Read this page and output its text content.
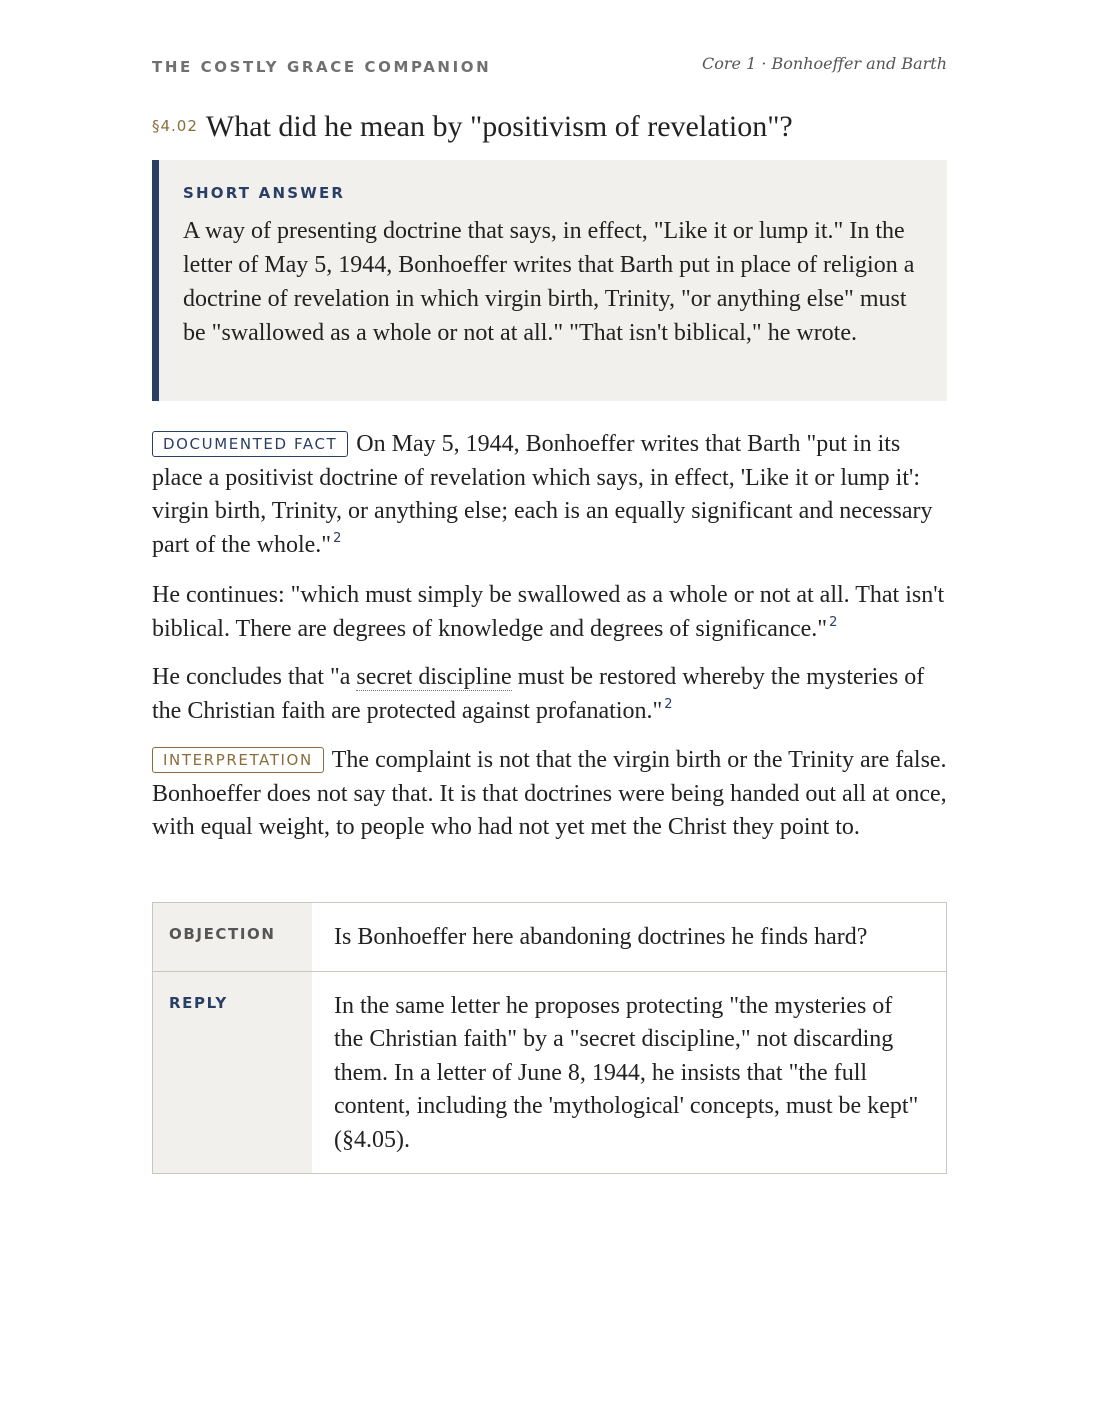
THE COSTLY GRACE COMPANION	Core 1 · Bonhoeffer and Barth
§4.02 What did he mean by "positivism of revelation"?
SHORT ANSWER
A way of presenting doctrine that says, in effect, "Like it or lump it." In the letter of May 5, 1944, Bonhoeffer writes that Barth put in place of religion a doctrine of revelation in which virgin birth, Trinity, "or anything else" must be "swallowed as a whole or not at all." "That isn't biblical," he wrote.
DOCUMENTED FACT On May 5, 1944, Bonhoeffer writes that Barth "put in its place a positivist doctrine of revelation which says, in effect, 'Like it or lump it': virgin birth, Trinity, or anything else; each is an equally significant and necessary part of the whole." $^2$
He continues: "which must simply be swallowed as a whole or not at all. That isn't biblical. There are degrees of knowledge and degrees of significance." $^2$
He concludes that "a secret discipline must be restored whereby the mysteries of the Christian faith are protected against profanation." $^2$
INTERPRETATION The complaint is not that the virgin birth or the Trinity are false. Bonhoeffer does not say that. It is that doctrines were being handed out all at once, with equal weight, to people who had not yet met the Christ they point to.
OBJECTION	Is Bonhoeffer here abandoning doctrines he finds hard?
REPLY	In the same letter he proposes protecting "the mysteries of the Christian faith" by a "secret discipline," not discarding them. In a letter of June 8, 1944, he insists that "the full content, including the 'mythological' concepts, must be kept" (§4.05).
